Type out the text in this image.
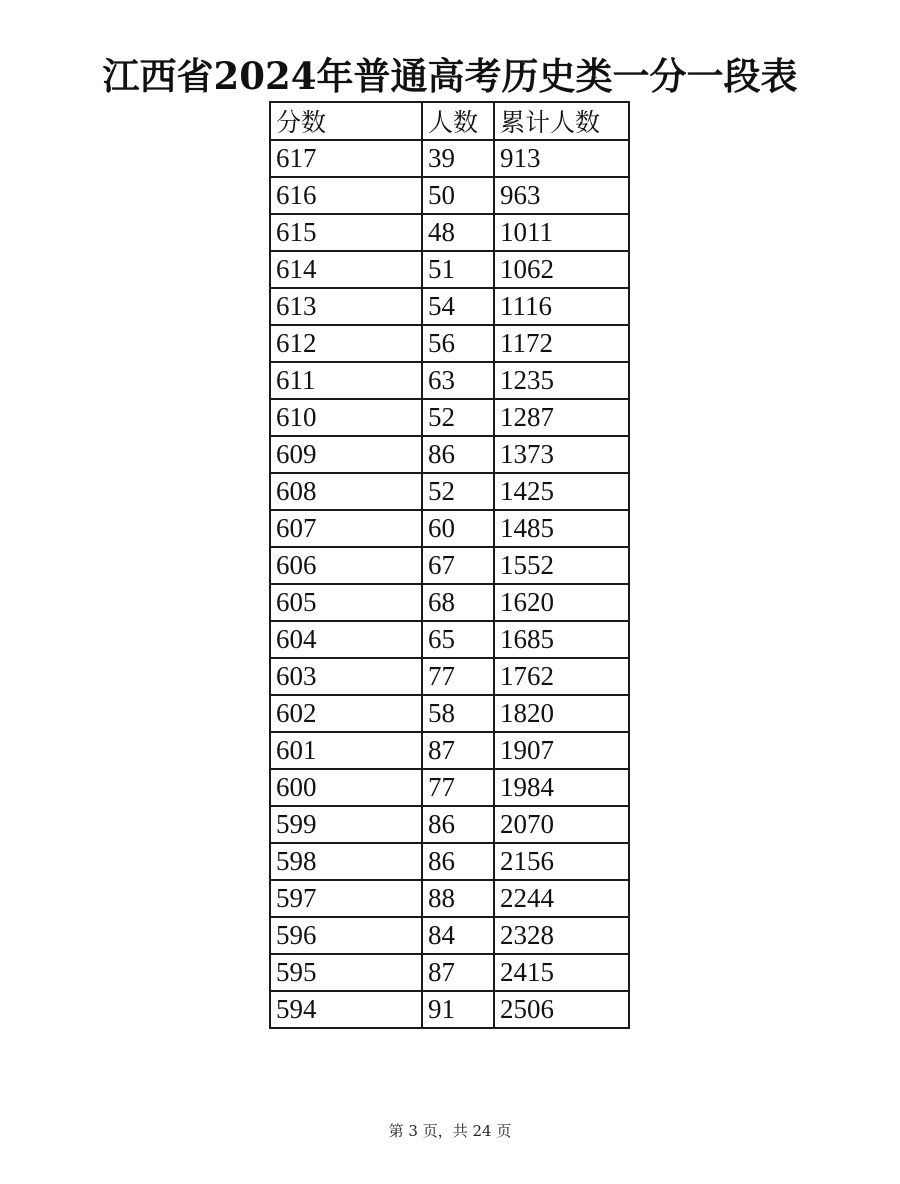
江西省2024年普通高考历史类一分一段表
分数	人数	累计人数
617	39	913
616	50	963
615	48	1011
614	51	1062
613	54	1116
612	56	1172
611	63	1235
610	52	1287
609	86	1373
608	52	1425
607	60	1485
606	67	1552
605	68	1620
604	65	1685
603	77	1762
602	58	1820
601	87	1907
600	77	1984
599	86	2070
598	86	2156
597	88	2244
596	84	2328
595	87	2415
594	91	2506
第 3 页，共 24 页
